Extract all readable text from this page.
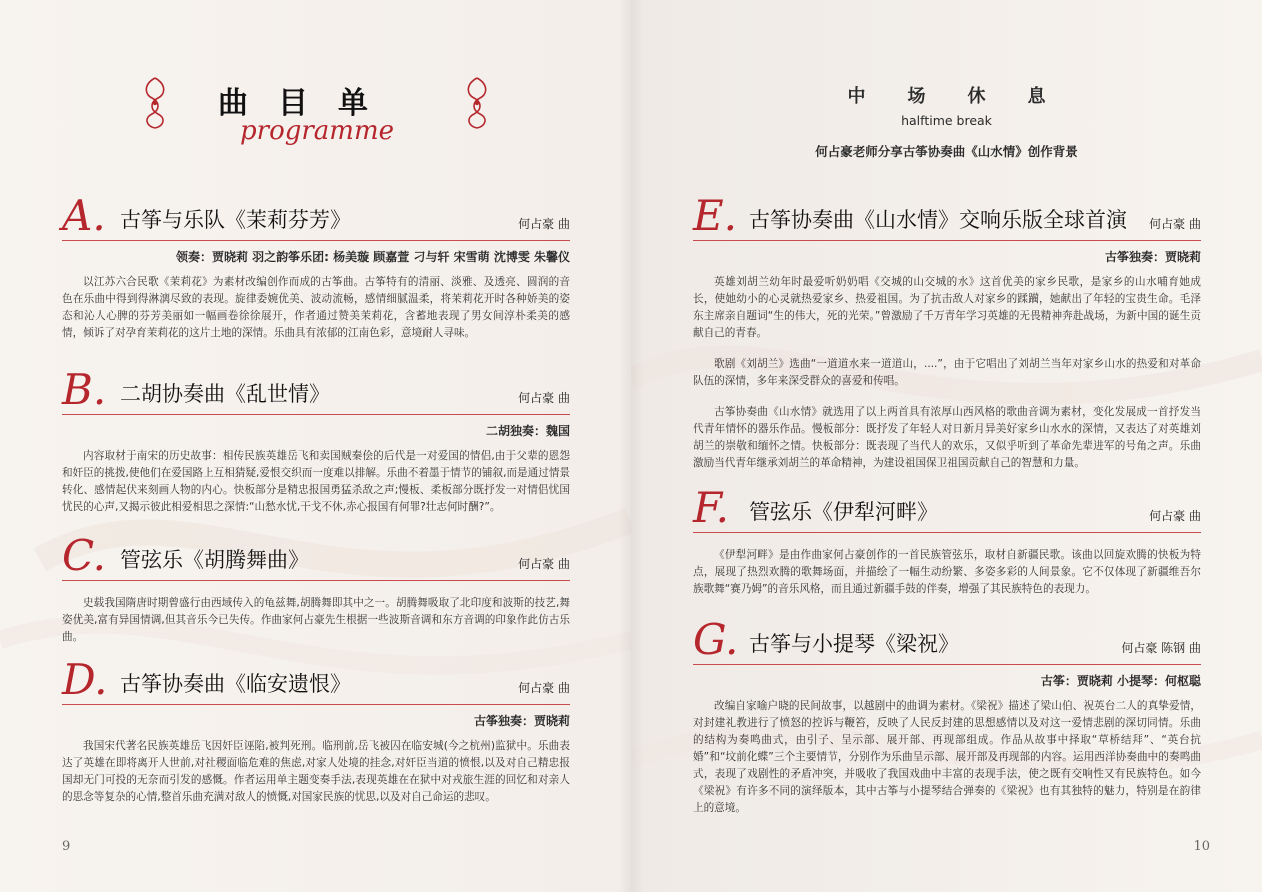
曲目单
programme
A. 古筝与乐队《茉莉芬芳》	何占豪 曲
领奏：贾晓莉 羽之韵筝乐团: 杨美璇 顾嘉萱 刁与轩 宋雪萌 沈博雯 朱馨仪

以江苏六合民歌《茉莉花》为素材改编创作而成的古筝曲。古筝特有的清丽、淡雅、及透亮、圆润的音色在乐曲中得到得淋漓尽致的表现。旋律委婉优美、波动流畅，感情细腻温柔，将茉莉花开时各种娇美的姿态和沁人心脾的芬芳美丽如一幅画卷徐徐展开，作者通过赞美茉莉花，含蓄地表现了男女间淳朴柔美的感情，倾诉了对孕育茉莉花的这片土地的深情。乐曲具有浓郁的江南色彩，意境耐人寻味。

B. 二胡协奏曲《乱世情》	何占豪 曲
二胡独奏：魏国

内容取材于南宋的历史故事：相传民族英雄岳飞和卖国贼秦侩的后代是一对爱国的情侣,由于父辈的恩怨和奸臣的挑拨,使他们在爱国路上互相猜疑,爱恨交织而一度难以排解。乐曲不着墨于情节的铺叙,而是通过情景转化、感情起伏来刻画人物的内心。快板部分是精忠报国勇猛杀敌之声;慢板、柔板部分既抒发一对情侣忧国忧民的心声,又揭示彼此相爱相思之深情:“山愁水忧,干戈不休,赤心报国有何罪?壮志何时酬?”。

C. 管弦乐《胡腾舞曲》	何占豪 曲

史载我国隋唐时期曾盛行由西域传入的龟兹舞,胡腾舞即其中之一。胡腾舞吸取了北印度和波斯的技艺,舞姿优美,富有异国情调,但其音乐今已失传。作曲家何占豪先生根据一些波斯音调和东方音调的印象作此仿古乐曲。

D. 古筝协奏曲《临安遗恨》	何占豪 曲
古筝独奏：贾晓莉

我国宋代著名民族英雄岳飞因奸臣诬陷,被判死刑。临刑前,岳飞被囚在临安城(今之杭州)监狱中。乐曲表达了英雄在即将离开人世前,对社稷面临危难的焦虑,对家人处境的挂念,对奸臣当道的愤恨,以及对自己精忠报国却无门可投的无奈而引发的感慨。作者运用单主题变奏手法,表现英雄在在狱中对戎旅生涯的回忆和对亲人的思念等复杂的心情,整首乐曲充满对敌人的愤慨,对国家民族的忧思,以及对自己命运的悲叹。

9
中场休息
halftime break
何占豪老师分享古筝协奏曲《山水情》创作背景
E. 古筝协奏曲《山水情》交响乐版全球首演 何占豪 曲
古筝独奏：贾晓莉

英雄刘胡兰幼年时最爱听奶奶唱《交城的山交城的水》这首优美的家乡民歌，是家乡的山水哺育她成长，使她幼小的心灵就热爱家乡、热爱祖国。为了抗击敌人对家乡的蹂躏，她献出了年轻的宝贵生命。毛泽东主席亲自题词“生的伟大，死的光荣。”曾激励了千万青年学习英雄的无畏精神奔赴战场，为新中国的诞生贡献自己的青春。

歌剧《刘胡兰》选曲“一道道水来一道道山，....”，由于它唱出了刘胡兰当年对家乡山水的热爱和对革命队伍的深情，多年来深受群众的喜爱和传唱。

古筝协奏曲《山水情》就选用了以上两首具有浓厚山西风格的歌曲音调为素材，变化发展成一首抒发当代青年情怀的器乐作品。慢板部分：既抒发了年轻人对日新月异美好家乡山水水的深情，又表达了对英雄刘胡兰的崇敬和缅怀之情。快板部分：既表现了当代人的欢乐，又似乎听到了革命先辈进军的号角之声。乐曲激励当代青年继承刘胡兰的革命精神，为建设祖国保卫祖国贡献自己的智慧和力量。

F. 管弦乐《伊犁河畔》	何占豪 曲

《伊犁河畔》是由作曲家何占豪创作的一首民族管弦乐，取材自新疆民歌。该曲以回旋欢腾的快板为特点，展现了热烈欢腾的歌舞场面，并描绘了一幅生动纷繁、多姿多彩的人间景象。它不仅体现了新疆维吾尔族歌舞“赛乃姆”的音乐风格，而且通过新疆手鼓的伴奏，增强了其民族特色的表现力。

G. 古筝与小提琴《梁祝》	何占豪 陈钢 曲
古筝：贾晓莉 小提琴：何枢聪

改编自家喻户晓的民间故事，以越剧中的曲调为素材。《梁祝》描述了梁山伯、祝英台二人的真挚爱情，对封建礼教进行了愤怒的控诉与鞭笞，反映了人民反封建的思想感情以及对这一爱情悲剧的深切同情。乐曲的结构为奏鸣曲式，由引子、呈示部、展开部、再现部组成。作品从故事中择取“草桥结拜”、“英台抗婚”和“坟前化蝶”三个主要情节，分别作为乐曲呈示部、展开部及再现部的内容。运用西洋协奏曲中的奏鸣曲式，表现了戏剧性的矛盾冲突，并吸收了我国戏曲中丰富的表现手法，使之既有交响性又有民族特色。如今《梁祝》有许多不同的演绎版本，其中古筝与小提琴结合弹奏的《梁祝》也有其独特的魅力，特别是在韵律上的意境。

10
